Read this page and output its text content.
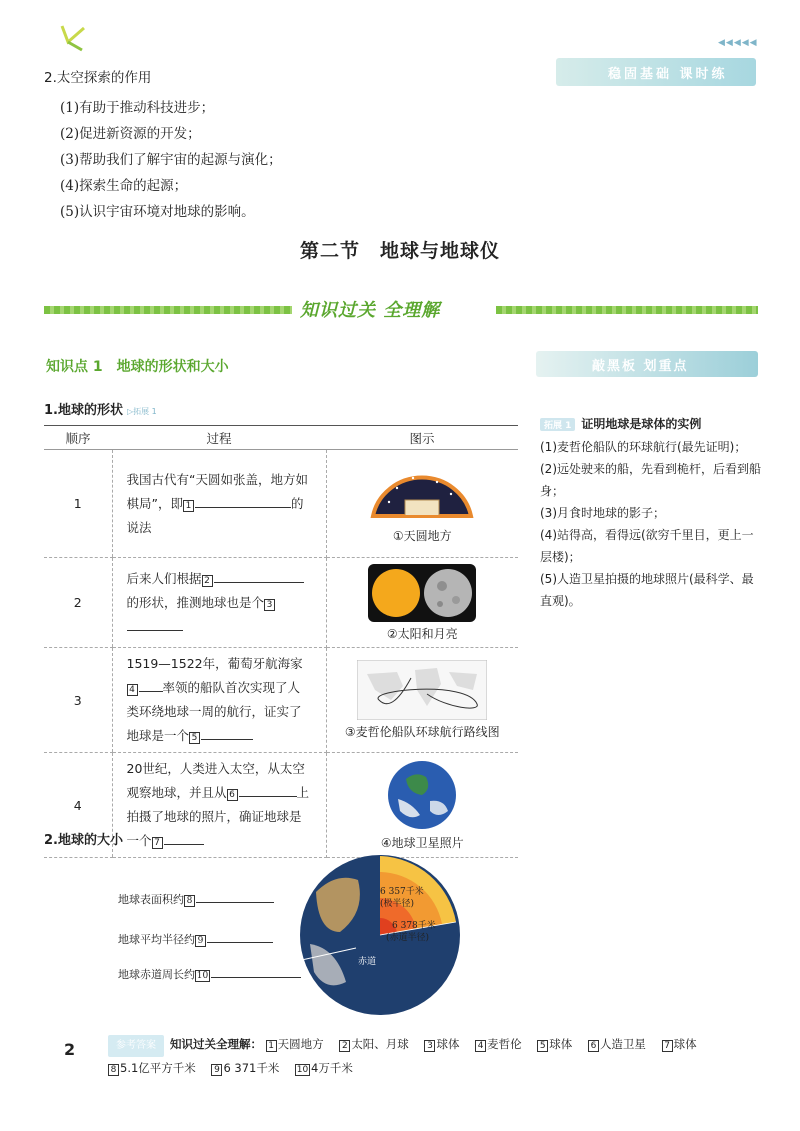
◀◀◀◀◀
稳固基础 课时练
2.太空探索的作用
(1)有助于推动科技进步；
(2)促进新资源的开发；
(3)帮助我们了解宇宙的起源与演化；
(4)探索生命的起源；
(5)认识宇宙环境对地球的影响。
第二节　地球与地球仪
知识过关 全理解
知识点 1　地球的形状和大小	敲黑板 划重点
1.地球的形状 ▷拓展 1
顺序	过程	图示
1	我国古代有“天圆如张盖，地方如棋局”，即 1 的说法	①天圆地方

2	后来人们根据 2的形状，推测地球也是个 3	②太阳和月亮

3	1519—1522年，葡萄牙航海家4 率领的船队首次实现了人类环绕地球一周的航行，证实了地球是一个 5	③麦哲伦船队环球航行路线图

4	20世纪，人类进入太空，从太空观察地球，并且从 6 上拍摄了地球的照片，确证地球是一个 7	④地球卫星照片
拓展 1 证明地球是球体的实例
(1)麦哲伦船队的环球航行(最先证明)；
(2)远处驶来的船，先看到桅杆，后看到船身；
(3)月食时地球的影子；
(4)站得高，看得远(欲穷千里目，更上一层楼)；
(5)人造卫星拍摄的地球照片(最科学、最直观)。
2.地球的大小
地球表面积约 8
地球平均半径约 9
地球赤道周长约 10
6 357千米
(极半径)
6 378千米
(赤道半径)
赤道
2	参考答案 知识过关全理解： 1 天圆地方 2 太阳、月球 3 球体 4 麦哲伦 5 球体 6 人造卫星 7 球体
8 5.1亿平方千米 9 6 371千米 10 4万千米
